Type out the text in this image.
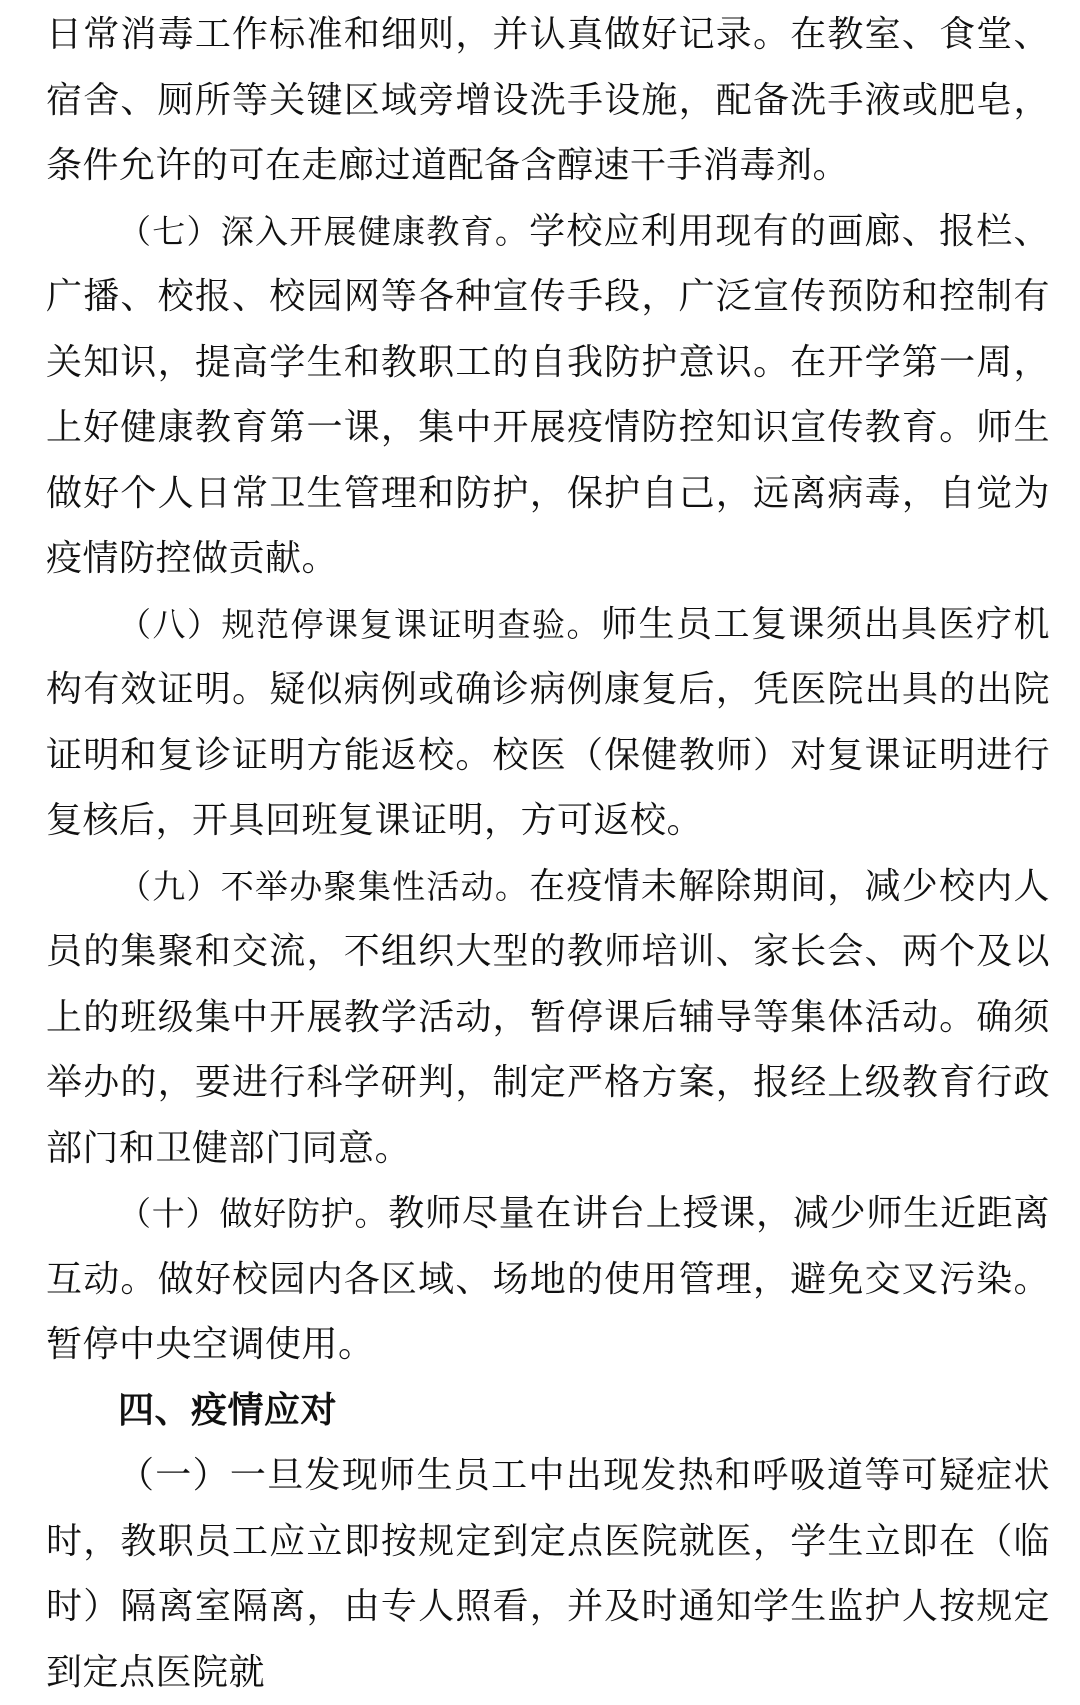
日常消毒工作标准和细则，并认真做好记录。在教室、食堂、宿舍、厕所等关键区域旁增设洗手设施，配备洗手液或肥皂，条件允许的可在走廊过道配备含醇速干手消毒剂。

（七）深入开展健康教育。学校应利用现有的画廊、报栏、广播、校报、校园网等各种宣传手段，广泛宣传预防和控制有关知识，提高学生和教职工的自我防护意识。在开学第一周，上好健康教育第一课，集中开展疫情防控知识宣传教育。师生做好个人日常卫生管理和防护，保护自己，远离病毒，自觉为疫情防控做贡献。

（八）规范停课复课证明查验。师生员工复课须出具医疗机构有效证明。疑似病例或确诊病例康复后，凭医院出具的出院证明和复诊证明方能返校。校医（保健教师）对复课证明进行复核后，开具回班复课证明，方可返校。

（九）不举办聚集性活动。在疫情未解除期间，减少校内人员的集聚和交流，不组织大型的教师培训、家长会、两个及以上的班级集中开展教学活动，暂停课后辅导等集体活动。确须举办的，要进行科学研判，制定严格方案，报经上级教育行政部门和卫健部门同意。

（十）做好防护。教师尽量在讲台上授课，减少师生近距离互动。做好校园内各区域、场地的使用管理，避免交叉污染。暂停中央空调使用。

四、疫情应对

（一）一旦发现师生员工中出现发热和呼吸道等可疑症状时，教职员工应立即按规定到定点医院就医，学生立即在（临时）隔离室隔离，由专人照看，并及时通知学生监护人按规定到定点医院就
